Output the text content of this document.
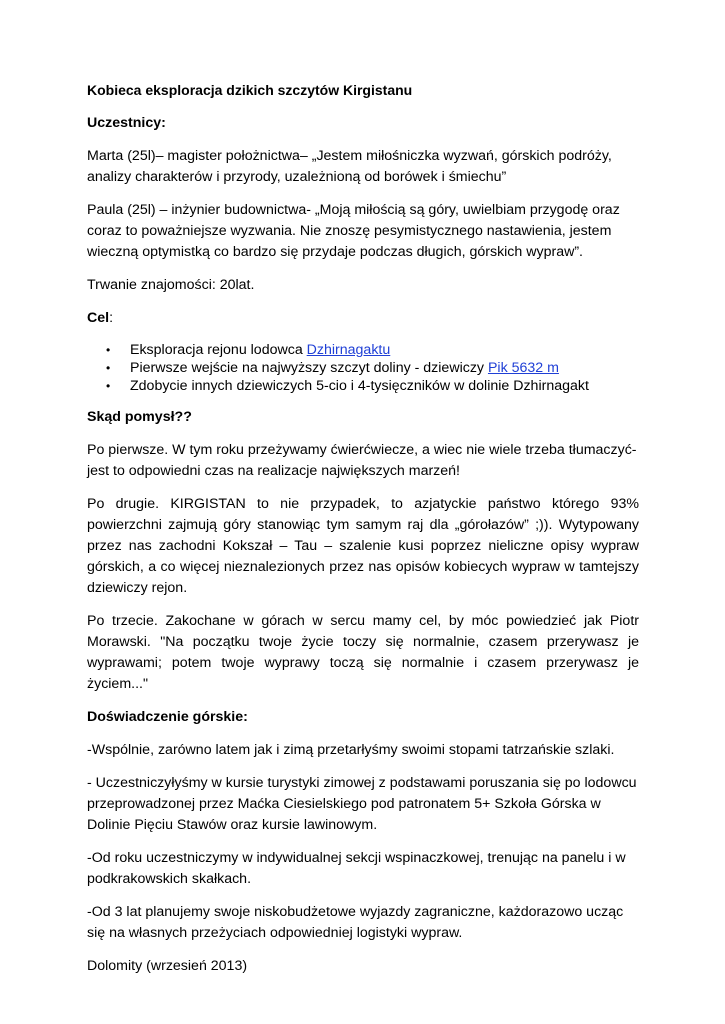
Kobieca eksploracja dzikich szczytów Kirgistanu
Uczestnicy:

Marta (25l)– magister położnictwa– „Jestem miłośniczka wyzwań, górskich podróży, analizy charakterów i przyrody, uzależnioną od borówek i śmiechu”

Paula (25l) – inżynier budownictwa- „Moją miłością są góry, uwielbiam przygodę oraz coraz to poważniejsze wyzwania. Nie znoszę pesymistycznego nastawienia, jestem wieczną optymistką co bardzo się przydaje podczas długich, górskich wypraw”.

Trwanie znajomości: 20lat.

Cel:

• Eksploracja rejonu lodowca Dzhirnagaktu
• Pierwsze wejście na najwyższy szczyt doliny - dziewiczy Pik 5632 m
• Zdobycie innych dziewiczych 5-cio i 4-tysięczników w dolinie Dzhirnagakt
Skąd pomysł??

Po pierwsze. W tym roku przeżywamy ćwierćwiecze, a wiec nie wiele trzeba tłumaczyć- jest to odpowiedni czas na realizacje największych marzeń!

Po drugie. KIRGISTAN to nie przypadek, to azjatyckie państwo którego 93% powierzchni zajmują góry stanowiąc tym samym raj dla „górołazów” ;)). Wytypowany przez nas zachodni Kokszał – Tau – szalenie kusi poprzez nieliczne opisy wypraw górskich, a co więcej nieznalezionych przez nas opisów kobiecych wypraw w tamtejszy dziewiczy rejon.

Po trzecie. Zakochane w górach w sercu mamy cel, by móc powiedzieć jak Piotr Morawski. "Na początku twoje życie toczy się normalnie, czasem przerywasz je wyprawami; potem twoje wyprawy toczą się normalnie i czasem przerywasz je życiem..."

Doświadczenie górskie:

-Wspólnie, zarówno latem jak i zimą przetarłyśmy swoimi stopami tatrzańskie szlaki.

- Uczestniczyłyśmy w kursie turystyki zimowej z podstawami poruszania się po lodowcu przeprowadzonej przez Maćka Ciesielskiego pod patronatem 5+ Szkoła Górska w Dolinie Pięciu Stawów oraz kursie lawinowym.

-Od roku uczestniczymy w indywidualnej sekcji wspinaczkowej, trenując na panelu i w podkrakowskich skałkach.

-Od 3 lat planujemy swoje niskobudżetowe wyjazdy zagraniczne, każdorazowo ucząc się na własnych przeżyciach odpowiedniej logistyki wypraw.

Dolomity (wrzesień 2013)
